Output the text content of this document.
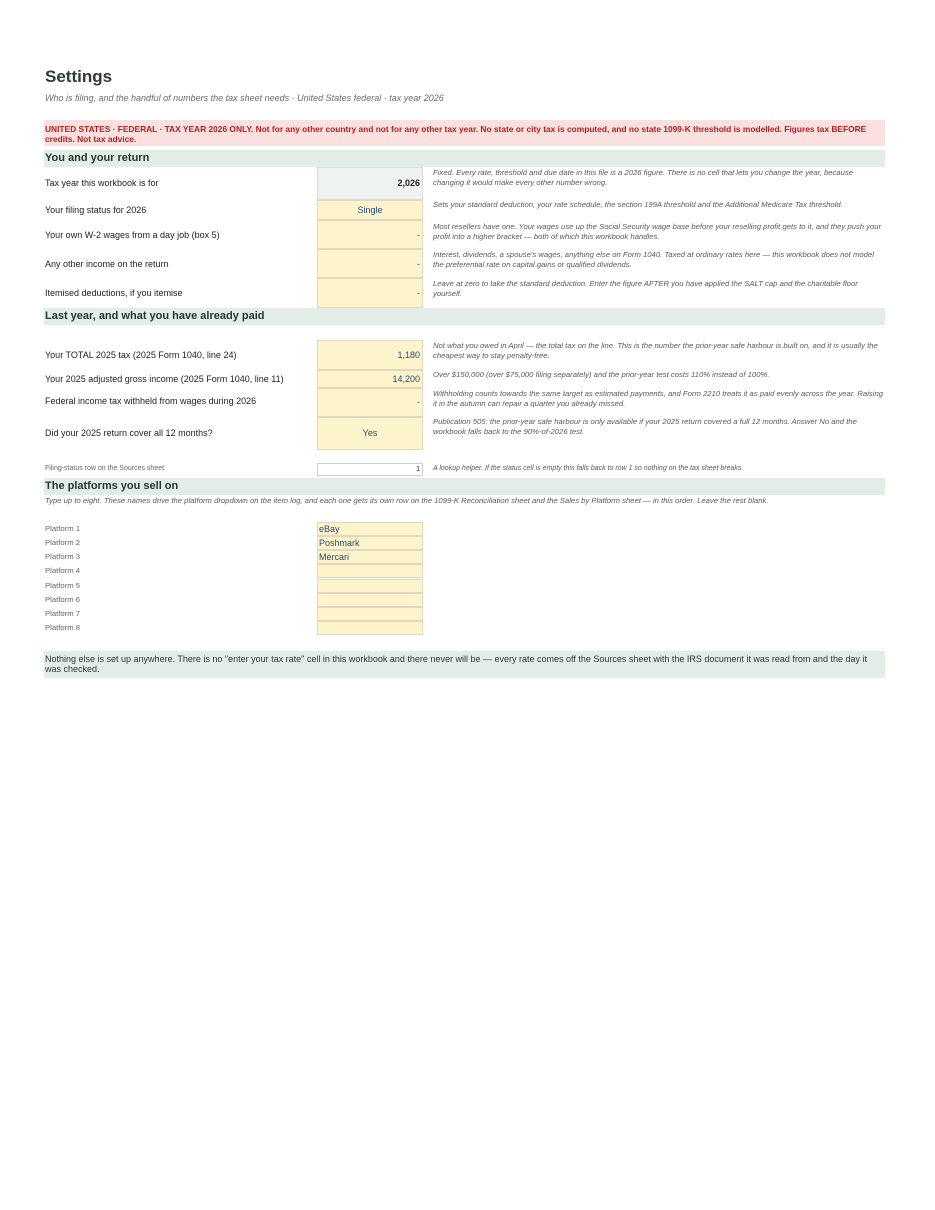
Settings
Who is filing, and the handful of numbers the tax sheet needs · United States federal · tax year 2026
UNITED STATES · FEDERAL · TAX YEAR 2026 ONLY. Not for any other country and not for any other tax year. No state or city tax is computed, and no state 1099-K threshold is modelled. Figures tax BEFORE credits. Not tax advice.
You and your return
Tax year this workbook is for	2,026
Fixed. Every rate, threshold and due date in this file is a 2026 figure. There is no cell that lets you change the year, because changing it would make every other number wrong.
Your filing status for 2026	Single
Sets your standard deduction, your rate schedule, the section 199A threshold and the Additional Medicare Tax threshold.
Your own W-2 wages from a day job (box 5)	-
Most resellers have one. Your wages use up the Social Security wage base before your reselling profit gets to it, and they push your profit into a higher bracket — both of which this workbook handles.
Any other income on the return	-
Interest, dividends, a spouse's wages, anything else on Form 1040. Taxed at ordinary rates here — this workbook does not model the preferential rate on capital gains or qualified dividends.
Itemised deductions, if you itemise	-
Leave at zero to take the standard deduction. Enter the figure AFTER you have applied the SALT cap and the charitable floor yourself.
Last year, and what you have already paid
Your TOTAL 2025 tax (2025 Form 1040, line 24)	1,180
Not what you owed in April — the total tax on the line. This is the number the prior-year safe harbour is built on, and it is usually the cheapest way to stay penalty-free.
Your 2025 adjusted gross income (2025 Form 1040, line 11)	14,200 Over $150,000 (over $75,000 filing separately) and the prior-year test costs 110% instead of 100%.
Federal income tax withheld from wages during 2026	-
Withholding counts towards the same target as estimated payments, and Form 2210 treats it as paid evenly across the year. Raising it in the autumn can repair a quarter you already missed.
Did your 2025 return cover all 12 months?	Yes
Publication 505: the prior-year safe harbour is only available if your 2025 return covered a full 12 months. Answer No and the workbook falls back to the 90%-of-2026 test.
Filing-status row on the Sources sheet	1 A lookup helper. If the status cell is empty this falls back to row 1 so nothing on the tax sheet breaks.
The platforms you sell on
Type up to eight. These names drive the platform dropdown on the item log, and each one gets its own row on the 1099-K Reconciliation sheet and the Sales by Platform sheet — in this order. Leave the rest blank.
Platform 1	eBay
Platform 2	Poshmark
Platform 3	Mercari
Platform 4
Platform 5
Platform 6
Platform 7
Platform 8
Nothing else is set up anywhere. There is no "enter your tax rate" cell in this workbook and there never will be — every rate comes off the Sources sheet with the IRS document it was read from and the day it was checked.
